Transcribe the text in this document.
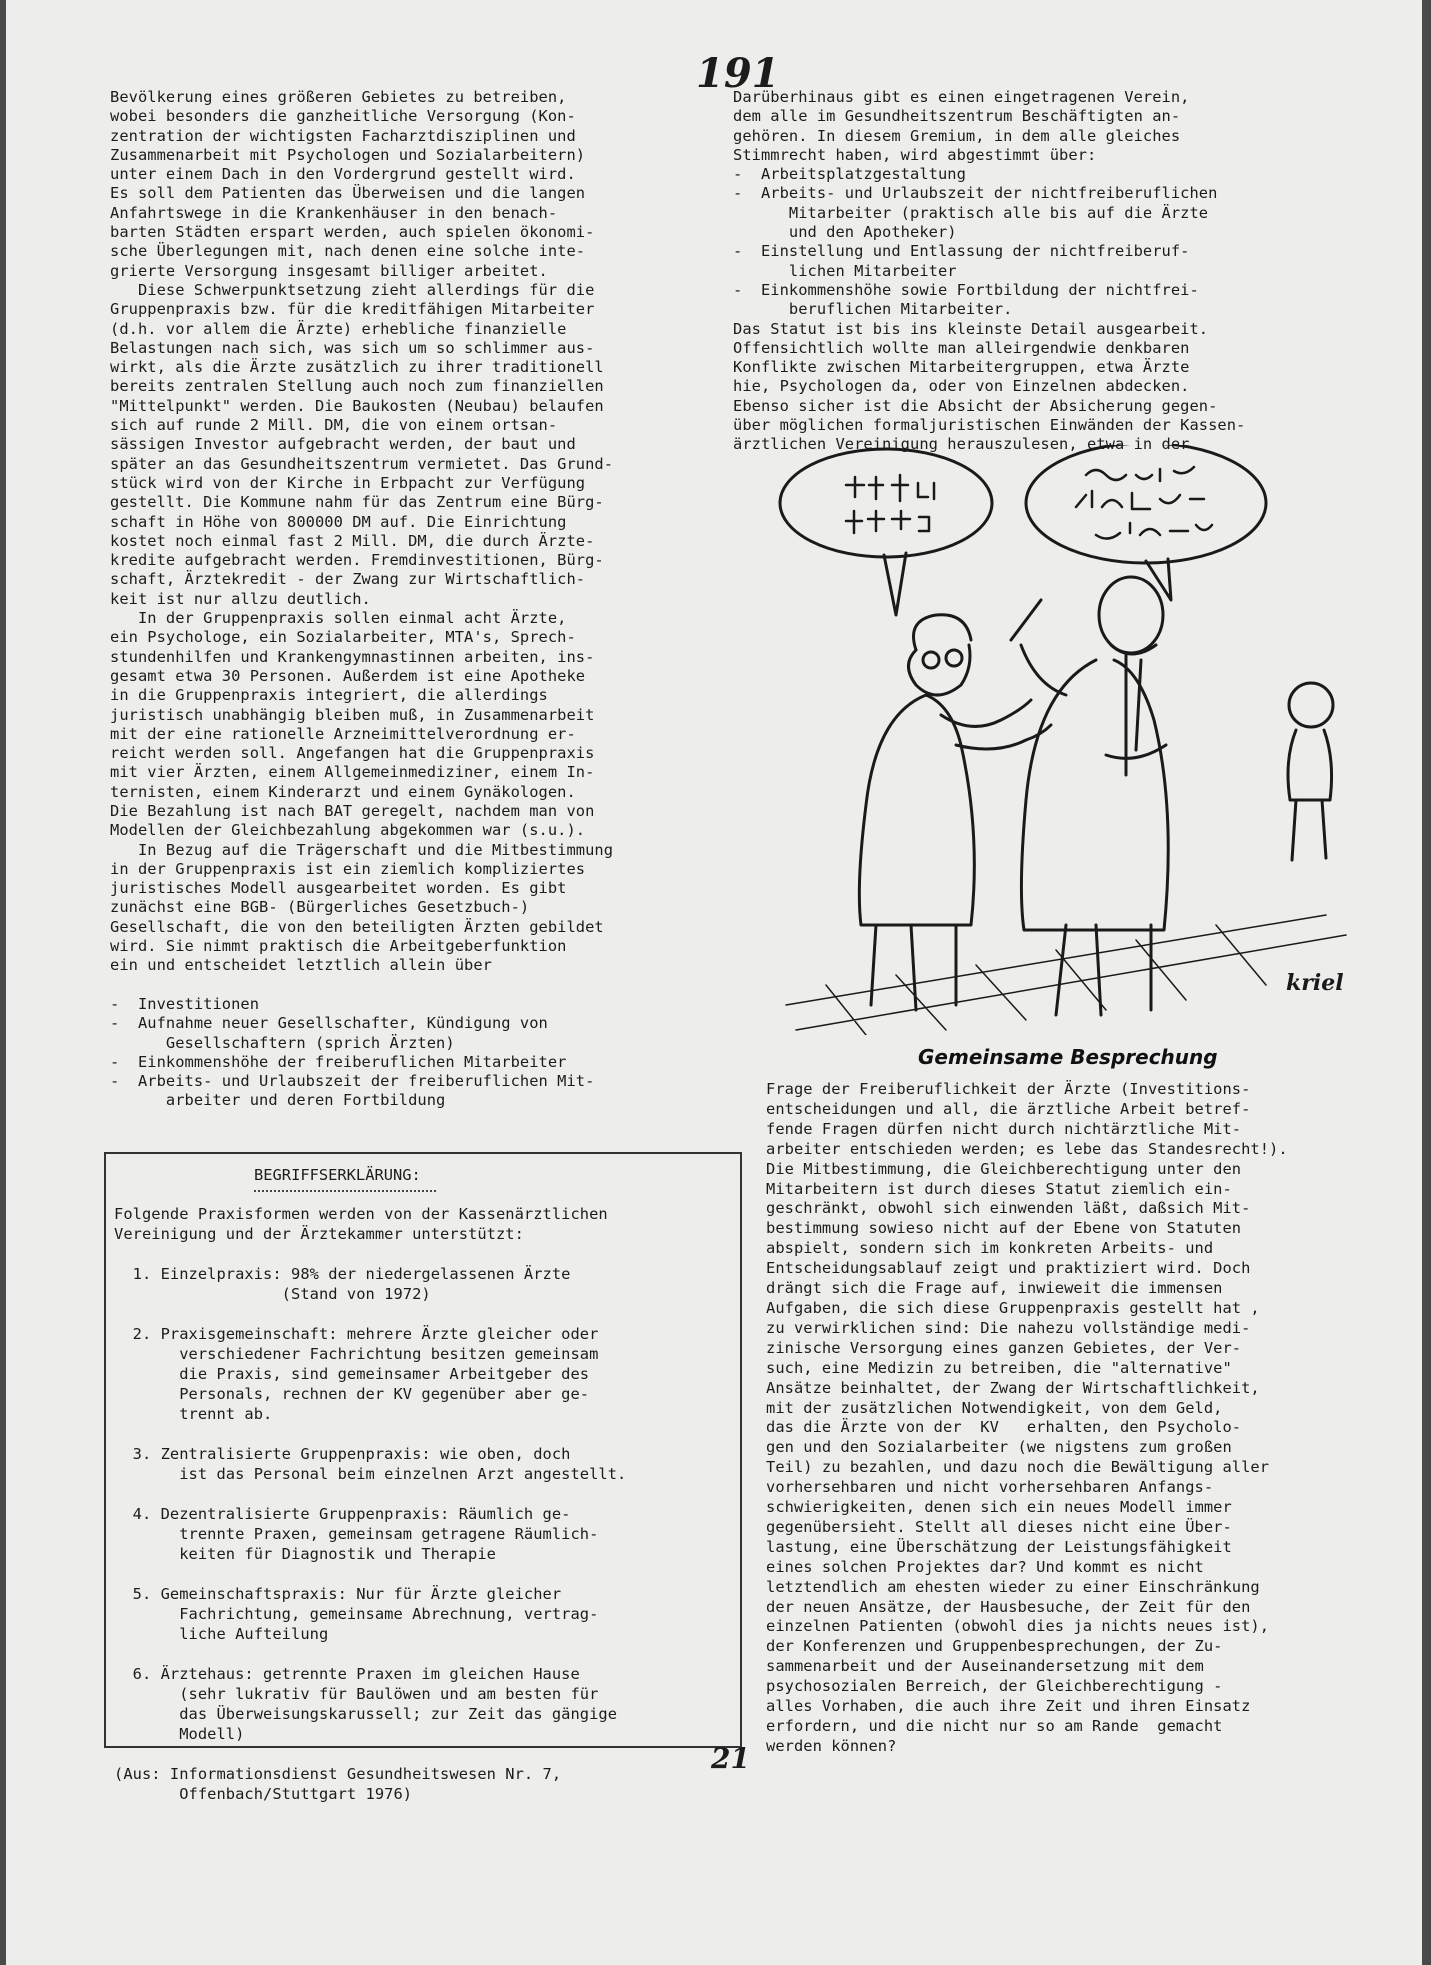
191
Bevölkerung eines größeren Gebietes zu betreiben,
wobei besonders die ganzheitliche Versorgung (Kon-
zentration der wichtigsten Facharztdisziplinen und
Zusammenarbeit mit Psychologen und Sozialarbeitern)
unter einem Dach in den Vordergrund gestellt wird.
Es soll dem Patienten das Überweisen und die langen
Anfahrtswege in die Krankenhäuser in den benach-
barten Städten erspart werden, auch spielen ökonomi-
sche Überlegungen mit, nach denen eine solche inte-
grierte Versorgung insgesamt billiger arbeitet.
Diese Schwerpunktsetzung zieht allerdings für die
Gruppenpraxis bzw. für die kreditfähigen Mitarbeiter
(d.h. vor allem die Ärzte) erhebliche finanzielle
Belastungen nach sich, was sich um so schlimmer aus-
wirkt, als die Ärzte zusätzlich zu ihrer traditionell
bereits zentralen Stellung auch noch zum finanziellen
"Mittelpunkt" werden. Die Baukosten (Neubau) belaufen
sich auf runde 2 Mill. DM, die von einem ortsan-
sässigen Investor aufgebracht werden, der baut und
später an das Gesundheitszentrum vermietet. Das Grund-
stück wird von der Kirche in Erbpacht zur Verfügung
gestellt. Die Kommune nahm für das Zentrum eine Bürg-
schaft in Höhe von 800000 DM auf. Die Einrichtung
kostet noch einmal fast 2 Mill. DM, die durch Ärzte-
kredite aufgebracht werden. Fremdinvestitionen, Bürg-
schaft, Ärztekredit - der Zwang zur Wirtschaftlich-
keit ist nur allzu deutlich.
In der Gruppenpraxis sollen einmal acht Ärzte,
ein Psychologe, ein Sozialarbeiter, MTA's, Sprech-
stundenhilfen und Krankengymnastinnen arbeiten, ins-
gesamt etwa 30 Personen. Außerdem ist eine Apotheke
in die Gruppenpraxis integriert, die allerdings
juristisch unabhängig bleiben muß, in Zusammenarbeit
mit der eine rationelle Arzneimittelverordnung er-
reicht werden soll. Angefangen hat die Gruppenpraxis
mit vier Ärzten, einem Allgemeinmediziner, einem In-
ternisten, einem Kinderarzt und einem Gynäkologen.
Die Bezahlung ist nach BAT geregelt, nachdem man von
Modellen der Gleichbezahlung abgekommen war (s.u.).
In Bezug auf die Trägerschaft und die Mitbestimmung
in der Gruppenpraxis ist ein ziemlich kompliziertes
juristisches Modell ausgearbeitet worden. Es gibt
zunächst eine BGB- (Bürgerliches Gesetzbuch-)
Gesellschaft, die von den beteiligten Ärzten gebildet
wird. Sie nimmt praktisch die Arbeitgeberfunktion
ein und entscheidet letztlich allein über

-  Investitionen
-  Aufnahme neuer Gesellschafter, Kündigung von
Gesellschaftern (sprich Ärzten)
-  Einkommenshöhe der freiberuflichen Mitarbeiter
-  Arbeits- und Urlaubszeit der freiberuflichen Mit-
arbeiter und deren Fortbildung
Darüberhinaus gibt es einen eingetragenen Verein,
dem alle im Gesundheitszentrum Beschäftigten an-
gehören. In diesem Gremium, in dem alle gleiches
Stimmrecht haben, wird abgestimmt über:
-  Arbeitsplatzgestaltung
-  Arbeits- und Urlaubszeit der nichtfreiberuflichen
Mitarbeiter (praktisch alle bis auf die Ärzte
und den Apotheker)
-  Einstellung und Entlassung der nichtfreiberuf-
lichen Mitarbeiter
-  Einkommenshöhe sowie Fortbildung der nichtfrei-
beruflichen Mitarbeiter.
Das Statut ist bis ins kleinste Detail ausgearbeit.
Offensichtlich wollte man alleirgendwie denkbaren
Konflikte zwischen Mitarbeitergruppen, etwa Ärzte
hie, Psychologen da, oder von Einzelnen abdecken.
Ebenso sicher ist die Absicht der Absicherung gegen-
über möglichen formaljuristischen Einwänden der Kassen-
ärztlichen Vereinigung herauszulesen, etwa in der
kriel
Gemeinsame Besprechung
Frage der Freiberuflichkeit der Ärzte (Investitions-
entscheidungen und all, die ärztliche Arbeit betref-
fende Fragen dürfen nicht durch nichtärztliche Mit-
arbeiter entschieden werden; es lebe das Standesrecht!).
Die Mitbestimmung, die Gleichberechtigung unter den
Mitarbeitern ist durch dieses Statut ziemlich ein-
geschränkt, obwohl sich einwenden läßt, daßsich Mit-
bestimmung sowieso nicht auf der Ebene von Statuten
abspielt, sondern sich im konkreten Arbeits- und
Entscheidungsablauf zeigt und praktiziert wird. Doch
drängt sich die Frage auf, inwieweit die immensen
Aufgaben, die sich diese Gruppenpraxis gestellt hat ,
zu verwirklichen sind: Die nahezu vollständige medi-
zinische Versorgung eines ganzen Gebietes, der Ver-
such, eine Medizin zu betreiben, die "alternative"
Ansätze beinhaltet, der Zwang der Wirtschaftlichkeit,
mit der zusätzlichen Notwendigkeit, von dem Geld,
das die Ärzte von der  KV   erhalten, den Psycholo-
gen und den Sozialarbeiter (we nigstens zum großen
Teil) zu bezahlen, und dazu noch die Bewältigung aller
vorhersehbaren und nicht vorhersehbaren Anfangs-
schwierigkeiten, denen sich ein neues Modell immer
gegenübersieht. Stellt all dieses nicht eine Über-
lastung, eine Überschätzung der Leistungsfähigkeit
eines solchen Projektes dar? Und kommt es nicht
letztendlich am ehesten wieder zu einer Einschränkung
der neuen Ansätze, der Hausbesuche, der Zeit für den
einzelnen Patienten (obwohl dies ja nichts neues ist),
der Konferenzen und Gruppenbesprechungen, der Zu-
sammenarbeit und der Auseinandersetzung mit dem
psychosozialen Berreich, der Gleichberechtigung -
alles Vorhaben, die auch ihre Zeit und ihren Einsatz
erfordern, und die nicht nur so am Rande  gemacht
werden können?
BEGRIFFSERKLÄRUNG:
Folgende Praxisformen werden von der Kassenärztlichen
Vereinigung und der Ärztekammer unterstützt:

1. Einzelpraxis: 98% der niedergelassenen Ärzte
(Stand von 1972)

2. Praxisgemeinschaft: mehrere Ärzte gleicher oder
verschiedener Fachrichtung besitzen gemeinsam
die Praxis, sind gemeinsamer Arbeitgeber des
Personals, rechnen der KV gegenüber aber ge-
trennt ab.

3. Zentralisierte Gruppenpraxis: wie oben, doch
ist das Personal beim einzelnen Arzt angestellt.

4. Dezentralisierte Gruppenpraxis: Räumlich ge-
trennte Praxen, gemeinsam getragene Räumlich-
keiten für Diagnostik und Therapie

5. Gemeinschaftspraxis: Nur für Ärzte gleicher
Fachrichtung, gemeinsame Abrechnung, vertrag-
liche Aufteilung

6. Ärztehaus: getrennte Praxen im gleichen Hause
(sehr lukrativ für Baulöwen und am besten für
das Überweisungskarussell; zur Zeit das gängige
Modell)

(Aus: Informationsdienst Gesundheitswesen Nr. 7,
Offenbach/Stuttgart 1976)
21
